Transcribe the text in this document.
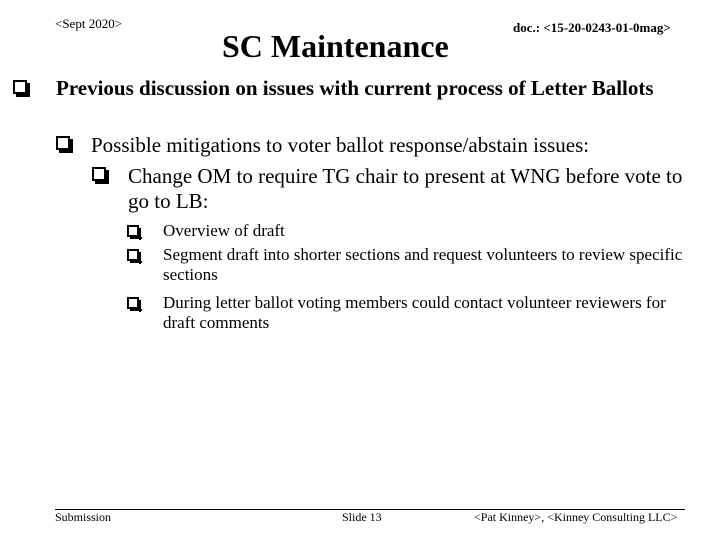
<Sept 2020>
SC Maintenance
doc.: <15-20-0243-01-0mag>
Previous discussion on issues with current process of Letter Ballots
Possible mitigations to voter ballot response/abstain issues:
Change OM to require TG chair to present at WNG before vote to go to LB:
Overview of draft
Segment draft into shorter sections and request volunteers to review specific sections
During letter ballot voting members could contact volunteer reviewers for draft comments
Submission	Slide 13	<Pat Kinney>, <Kinney Consulting LLC>
